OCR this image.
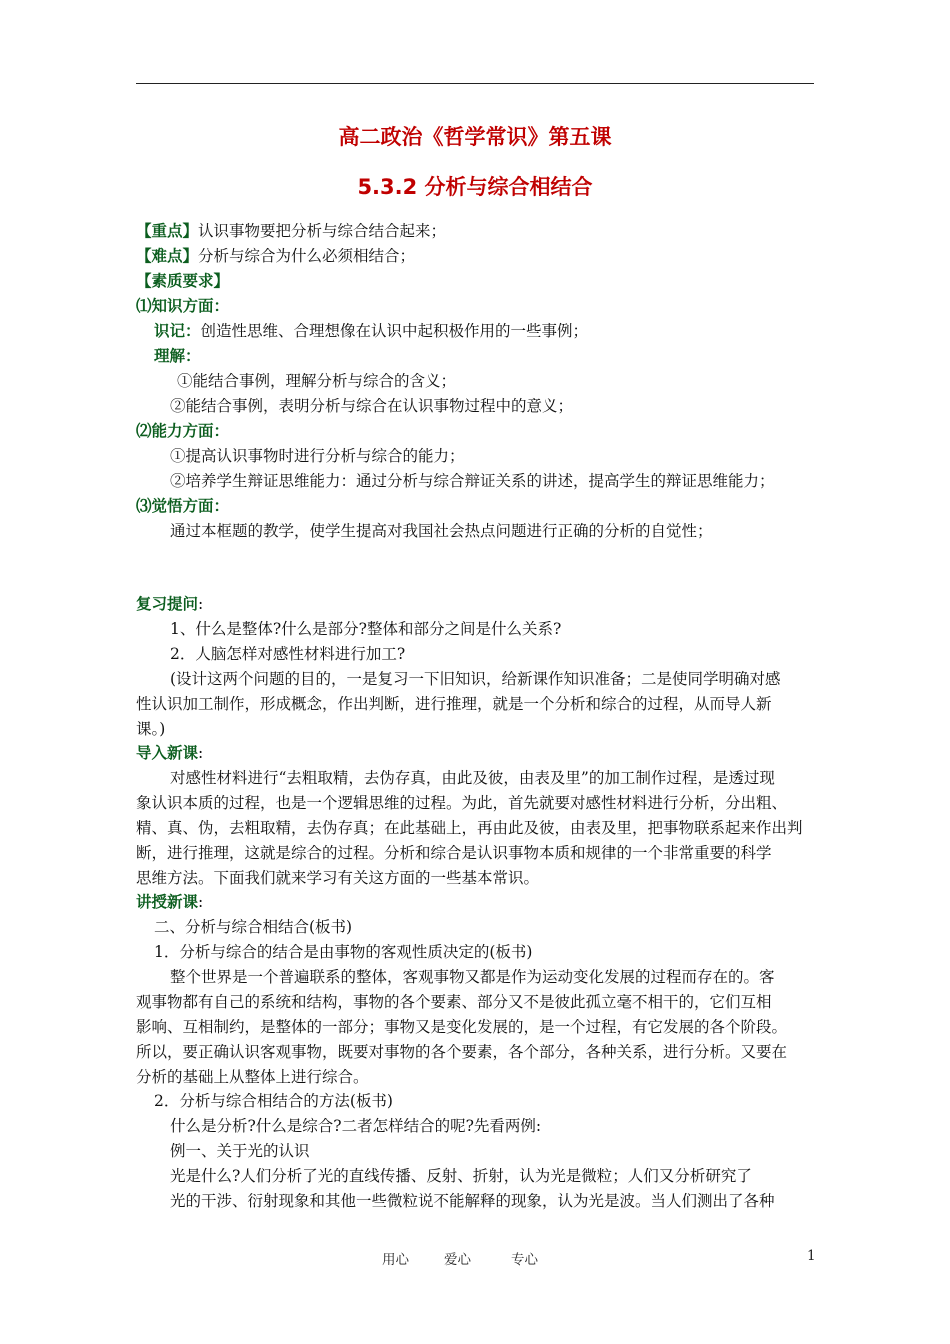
高二政治《哲学常识》第五课
5.3.2 分析与综合相结合
【重点】认识事物要把分析与综合结合起来；
【难点】分析与综合为什么必须相结合；
【素质要求】
⑴知识方面：
识记：创造性思维、合理想像在认识中起积极作用的一些事例；
理解：
①能结合事例，理解分析与综合的含义；
②能结合事例，表明分析与综合在认识事物过程中的意义；
⑵能力方面：
①提高认识事物时进行分析与综合的能力；
②培养学生辩证思维能力：通过分析与综合辩证关系的讲述，提高学生的辩证思维能力；
⑶觉悟方面：
通过本框题的教学，使学生提高对我国社会热点问题进行正确的分析的自觉性；
复习提问:
1、什么是整体?什么是部分?整体和部分之间是什么关系?
2．人脑怎样对感性材料进行加工?
(设计这两个问题的目的，一是复习一下旧知识，给新课作知识准备；二是使同学明确对感
性认识加工制作，形成概念，作出判断，进行推理，就是一个分析和综合的过程，从而导人新
课。)
导入新课:
对感性材料进行“去粗取精，去伪存真，由此及彼，由表及里”的加工制作过程，是透过现
象认识本质的过程，也是一个逻辑思维的过程。为此，首先就要对感性材料进行分析，分出粗、
精、真、伪，去粗取精，去伪存真；在此基础上，再由此及彼，由表及里，把事物联系起来作出判
断，进行推理，这就是综合的过程。分析和综合是认识事物本质和规律的一个非常重要的科学
思维方法。下面我们就来学习有关这方面的一些基本常识。
讲授新课:
二、分析与综合相结合(板书)
1．分析与综合的结合是由事物的客观性质决定的(板书)
整个世界是一个普遍联系的整体，客观事物又都是作为运动变化发展的过程而存在的。客
观事物都有自己的系统和结构，事物的各个要素、部分又不是彼此孤立毫不相干的，它们互相
影响、互相制约，是整体的一部分；事物又是变化发展的，是一个过程，有它发展的各个阶段。
所以，要正确认识客观事物，既要对事物的各个要素，各个部分，各种关系，进行分析。又要在
分析的基础上从整体上进行综合。
2．分析与综合相结合的方法(板书)
什么是分析?什么是综合?二者怎样结合的呢?先看两例:
例一、关于光的认识
光是什么?人们分析了光的直线传播、反射、折射，认为光是微粒；人们又分析研究了
光的干涉、衍射现象和其他一些微粒说不能解释的现象，认为光是波。当人们测出了各种
用心	爱心	专心	1
